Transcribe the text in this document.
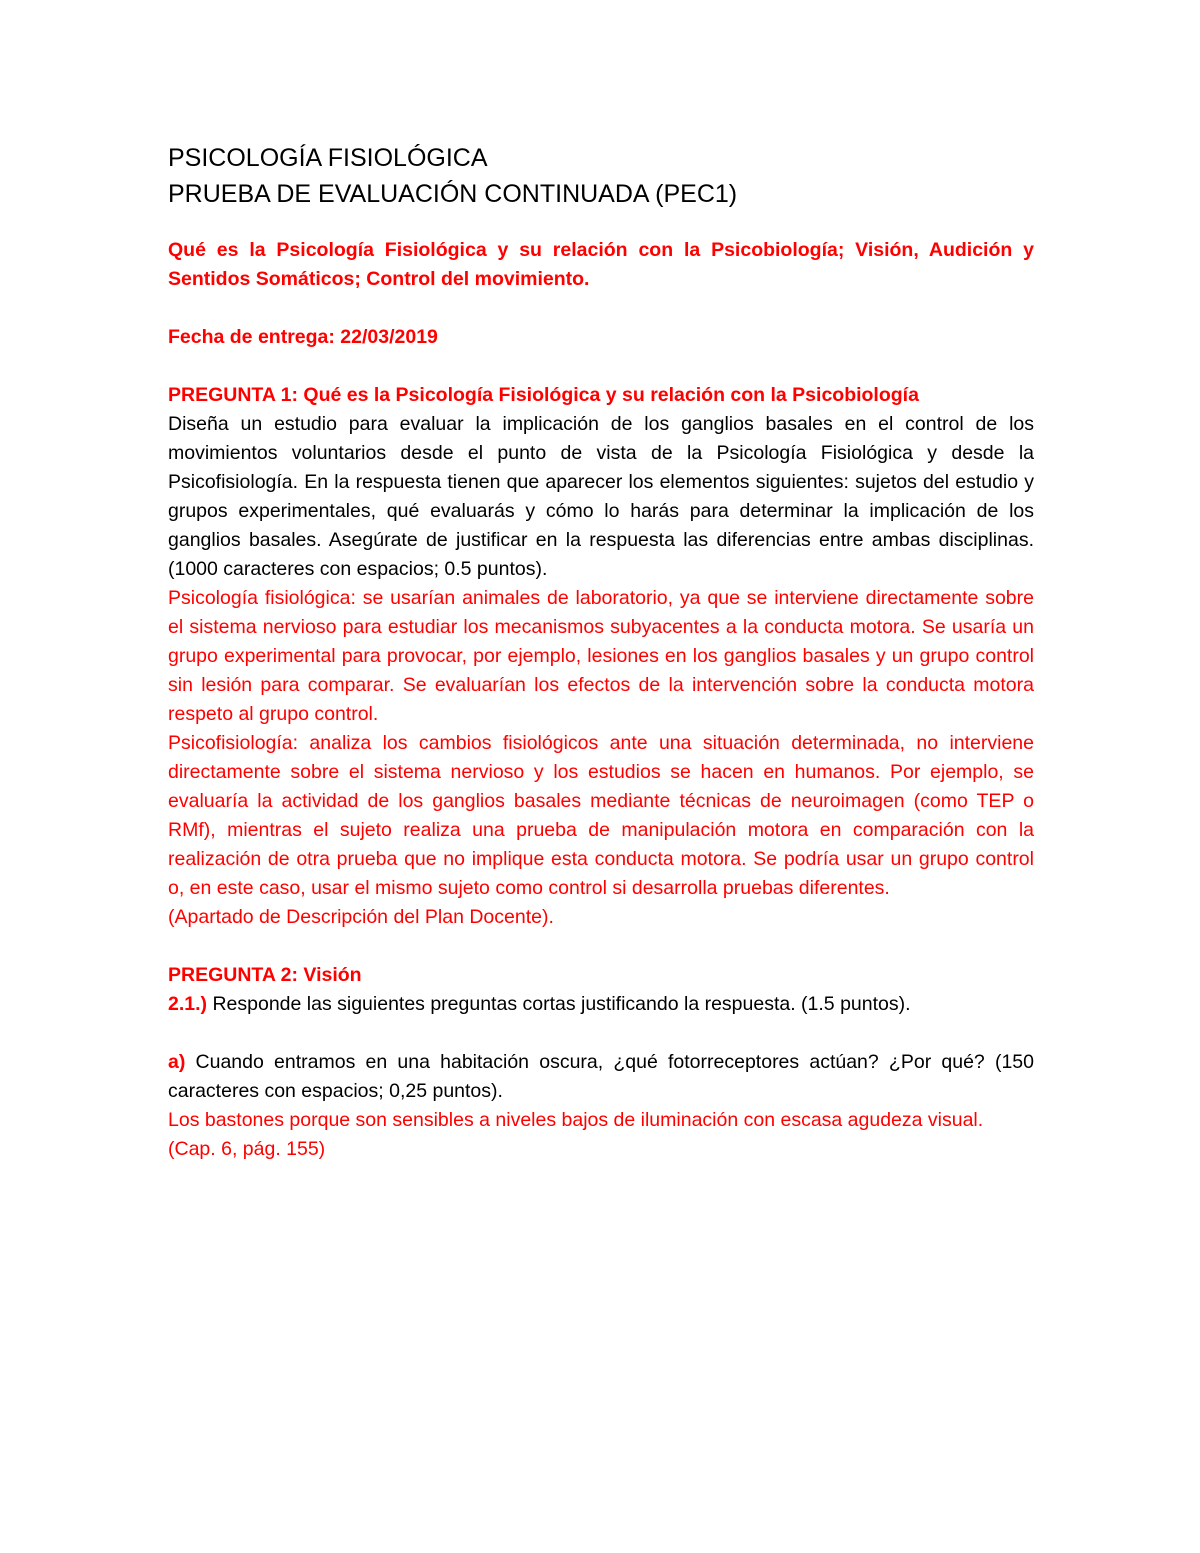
PSICOLOGÍA FISIOLÓGICA

PRUEBA DE EVALUACIÓN CONTINUADA (PEC1)

Qué es la Psicología Fisiológica y su relación con la Psicobiología; Visión, Audición y Sentidos Somáticos; Control del movimiento.

Fecha de entrega: 22/03/2019

PREGUNTA 1: Qué es la Psicología Fisiológica y su relación con la Psicobiología

Diseña un estudio para evaluar la implicación de los ganglios basales en el control de los movimientos voluntarios desde el punto de vista de la Psicología Fisiológica y desde la Psicofisiología. En la respuesta tienen que aparecer los elementos siguientes: sujetos del estudio y grupos experimentales, qué evaluarás y cómo lo harás para determinar la implicación de los ganglios basales. Asegúrate de justificar en la respuesta las diferencias entre ambas disciplinas. (1000 caracteres con espacios; 0.5 puntos).

Psicología fisiológica: se usarían animales de laboratorio, ya que se interviene directamente sobre el sistema nervioso para estudiar los mecanismos subyacentes a la conducta motora. Se usaría un grupo experimental para provocar, por ejemplo, lesiones en los ganglios basales y un grupo control sin lesión para comparar. Se evaluarían los efectos de la intervención sobre la conducta motora respeto al grupo control.

Psicofisiología: analiza los cambios fisiológicos ante una situación determinada, no interviene directamente sobre el sistema nervioso y los estudios se hacen en humanos. Por ejemplo, se evaluaría la actividad de los ganglios basales mediante técnicas de neuroimagen (como TEP o RMf), mientras el sujeto realiza una prueba de manipulación motora en comparación con la realización de otra prueba que no implique esta conducta motora. Se podría usar un grupo control o, en este caso, usar el mismo sujeto como control si desarrolla pruebas diferentes.

(Apartado de Descripción del Plan Docente).

PREGUNTA 2: Visión

2.1.) Responde las siguientes preguntas cortas justificando la respuesta. (1.5 puntos).

a) Cuando entramos en una habitación oscura, ¿qué fotorreceptores actúan? ¿Por qué? (150 caracteres con espacios; 0,25 puntos).

Los bastones porque son sensibles a niveles bajos de iluminación con escasa agudeza visual.

(Cap. 6, pág. 155)
